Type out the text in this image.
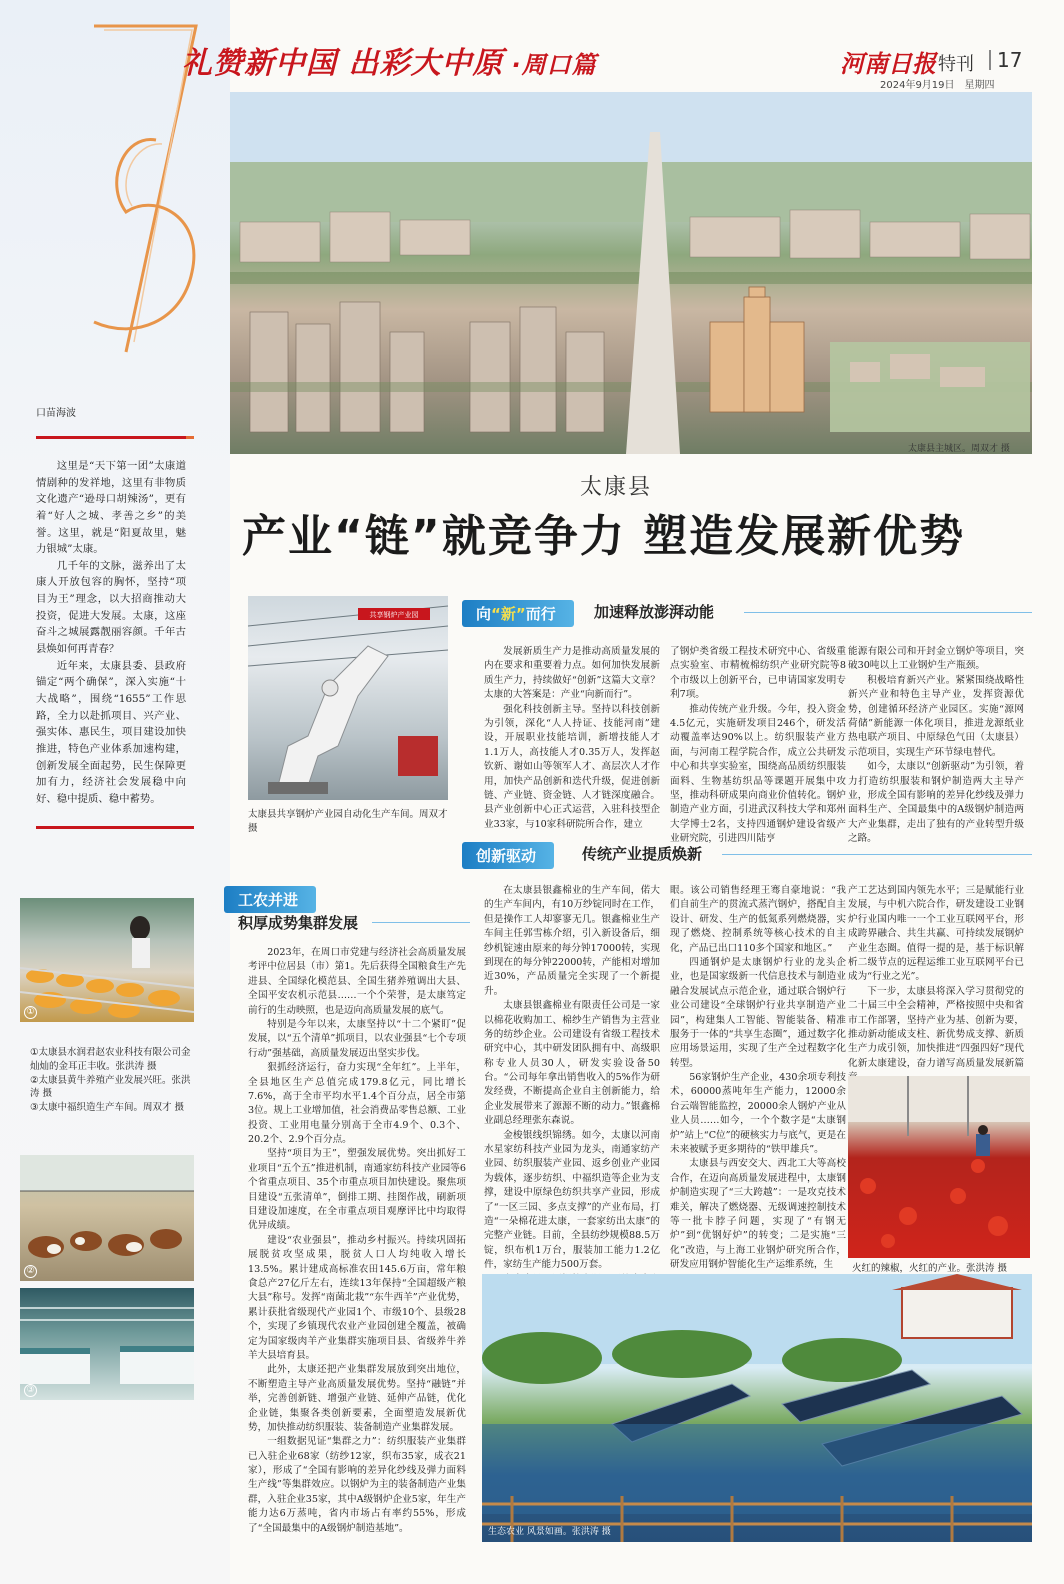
礼赞新中国 出彩大中原 ·周口篇	河南日报 特刊 17
2024年9月19日　星期四
太康县主城区。周双才 摄
太康县
产业“链”就竞争力 塑造发展新优势
口苗海波

这里是“天下第一团”太康道情剧种的发祥地，这里有非物质文化遗产“逊母口胡辣汤”，更有着“好人之城、孝善之乡”的美誉。这里，就是“阳夏故里，魅力银城”太康。

几千年的文脉，滋养出了太康人开放包容的胸怀，坚持“项目为王”理念，以大招商推动大投资，促进大发展。太康，这座奋斗之城展露靓丽容颜。千年古县焕如何再青春？

近年来，太康县委、县政府锚定“两个确保”，深入实施“十大战略”，围绕“1655”工作思路，全力以赴抓项目、兴产业、强实体、惠民生，项目建设加快推进，特色产业体系加速构建，创新发展全面起势，民生保障更加有力，经济社会发展稳中向好、稳中提质、稳中蓄势。

①
①太康县水润君赵农业科技有限公司金灿灿的金耳正丰收。张洪涛 摄
②太康县黄牛养殖产业发展兴旺。张洪涛 摄
③太康中福织造生产车间。周双才 摄
②
③
共享钢炉产业园
太康县共享钢炉产业园自动化生产车间。周双才 摄
向“新”而行	加速释放澎湃动能

发展新质生产力是推动高质量发展的内在要求和重要着力点。如何加快发展新质生产力，持续做好“创新”这篇大文章？太康的大答案是：产业“向新而行”。

强化科技创新主导。坚持以科技创新为引领，深化“人人持证、技能河南”建设，开展职业技能培训，新增技能人才1.1万人，高技能人才0.35万人，发挥赵钦新、谢如山等领军人才、高层次人才作用，加快产品创新和迭代升级，促进创新链、产业链、资金链、人才链深度融合。县产业创新中心正式运营，入驻科技型企业33家，与10家科研院所合作，建立

了钢炉类省级工程技术研究中心、省级重点实验室、市精梳棉纺织产业研究院等8个市级以上创新平台，已申请国家发明专利7项。

推动传统产业升级。今年，投入资金4.5亿元，实施研发项目246个，研发活动覆盖率达90%以上。纺织服装产业方面，与河南工程学院合作，成立公共研发中心和共享实验室，围绕高品质纺织服装面料、生物基纺织品等课题开展集中攻坚，推动科研成果向商业价值转化。钢炉制造产业方面，引进武汉科技大学和郑州大学博士2名，支持四通钢炉建设省级产业研究院，引进四川陆亨

能源有限公司和开封金立钢炉等项目，突破30吨以上工业钢炉生产瓶颈。

积极培育新兴产业。紧紧围绕战略性新兴产业和特色主导产业，发挥资源优势，创建循环经济产业园区。实施“源网荷储”新能源一体化项目，推进龙源纸业热电联产项目、中原绿色气田（太康县）示范项目，实现生产环节绿电替代。

如今，太康以“创新驱动”为引领，着力打造纺织服装和钢炉制造两大主导产业，形成全国有影响的差异化纱线及弹力面料生产、全国最集中的A级钢炉制造两大产业集群，走出了独有的产业转型升级之路。

创新驱动	传统产业提质焕新

在太康县银鑫棉业的生产车间，偌大的生产车间内，有10万纱锭同时在工作，但是操作工人却寥寥无几。银鑫棉业生产车间主任郭雪栋介绍，引入新设备后，细纱机锭速由原来的每分钟17000转，实现到现在的每分钟22000转，产能相对增加近30%，产品质量完全实现了一个新提升。

太康县银鑫棉业有限责任公司是一家以棉花收购加工、棉纱生产销售为主营业务的纺纱企业。公司建设有省级工程技术研究中心，其中研发团队拥有中、高级职称专业人员30人，研发实验设备50台。“公司每年拿出销售收入的5%作为研发经费，不断提高企业自主创新能力，给企业发展带来了源源不断的动力。”银鑫棉业副总经理张东森说。

金梭银线织锦绣。如今，太康以河南水星家纺科技产业园为龙头，南通家纺产业园、纺织服装产业园、返乡创业产业园为载体，逐步纺织、中福织造等企业为支撑，建设中原绿色纺织共享产业园，形成了“一区三园、多点支撑”的产业布局，打造“一朵棉花进太康，一套家纺出太康”的完整产业链。目前，全县纺纱规模88.5万锭，织布机1万台，服装加工能力1.2亿件，家纺生产能力500万套。

眼。该公司销售经理王骞自豪地说：“我们自前生产的贯流式蒸汽钢炉，搭配自主设计、研发、生产的低氮系列燃烧器，实现了燃烧、控制系统等核心技术的自主化，产品已出口110多个国家和地区。”

四通钢炉是太康钢炉行业的龙头企业，也是国家级新一代信息技术与制造业融合发展试点示范企业，通过联合钢炉行业公司建设“全球钢炉行业共享制造产业园”，构建集人工智能、智能装备、精准服务于一体的“共享生态圈”，通过数字化应用场景运用，实现了生产全过程数字化转型。

56家钢炉生产企业，430余项专利技术，60000蒸吨年生产能力，12000余台云端智能监控，20000余人钢炉产业从业人员……如今，一个个数字是“太康钢炉”站上“C位”的硬核实力与底气，更是在未来被赋予更多期待的“铁甲雄兵”。

太康县与西安交大、西北工大等高校合作，在迈向高质量发展进程中，太康钢炉制造实现了“三大跨越”：一是攻克技术难关，解决了燃烧器、无级调速控制技术等一批卡脖子问题，实现了“有钢无炉”到“优钢好炉”的转变；二是实施“三化”改造，与上海工业钢炉研究所合作，研发应用钢炉智能化生产运维系统，生

产工艺达到国内领先水平；三是赋能行业发展，与中机六院合作，研发建设工业钢炉行业国内唯一一个工业互联网平台，形成跨界融合、共生共赢、可持续发展钢炉产业生态圈。值得一提的是，基于标识解析二级节点的远程运维工业互联网平台已成为“行业之光”。

下一步，太康县将深入学习贯彻党的二十届三中全会精神，严格按照中央和省市工作部署，坚持产业为基、创新为要，推动新动能成支柱、新优势成支撑、新质生产力成引领，加快推进“四强四好”现代化新太康建设，奋力谱写高质量发展新篇

火红的辣椒，火红的产业。张洪涛 摄
工农并进
积厚成势集群发展

2023年，在周口市党建与经济社会高质量发展考评中位居县（市）第1。先后获得全国粮食生产先进县、全国绿化模范县、全国生猪养殖调出大县、全国平安农机示范县……一个个荣誉，是太康笃定前行的生动映照，也是迈向高质量发展的底气。

特别是今年以来，太康坚持以“十二个紧盯”促发展，以“五个清单”抓项目，以农业强县“七个专项行动”强基础，高质量发展迈出坚实步伐。

狠抓经济运行，奋力实现“全年红”。上半年，全县地区生产总值完成179.8亿元，同比增长7.6%，高于全市平均水平1.4个百分点，居全市第3位。规上工业增加值，社会消费品零售总额、工业投资、工业用电量分别高于全市4.9个、0.3个、20.2个、2.9个百分点。

坚持“项目为王”，塑强发展优势。突出抓好工业项目“五个五”推进机制，南通家纺科技产业园等6个省重点项目、35个市重点项目加快建设。聚焦项目建设“五张清单”，倒排工期、挂图作战，刷新项目建设加速度，在全市重点项目观摩评比中均取得优异成绩。

建设“农业强县”，推动乡村振兴。持续巩固拓展脱贫攻坚成果，脱贫人口人均纯收入增长13.5%。累计建成高标准农田145.6万亩，常年粮食总产27亿斤左右，连续13年保持“全国超级产粮大县”称号。发挥“南菌北栽”“东牛西羊”产业优势，累计获批省级现代产业园1个、市级10个、县级28个，实现了乡镇现代农业产业园创建全覆盖，被确定为国家级肉羊产业集群实施项目县、省级养牛养羊大县培育县。

此外，太康还把产业集群发展放到突出地位，不断塑造主导产业高质量发展优势。坚持“融链”并举，完善创新链、增强产业链、延伸产品链，优化企业链，集聚各类创新要素，全面塑造发展新优势，加快推动纺织服装、装备制造产业集群发展。

一组数据见证“集群之力”：纺织服装产业集群已入驻企业68家（纺纱12家，织布35家，成衣21家），形成了“全国有影响的差异化纱线及弹力面料生产线”等集群效应。以钢炉为主的装备制造产业集群，入驻企业35家，其中A级钢炉企业5家，年生产能力达6万蒸吨，省内市场占有率约55%，形成了“全国最集中的A级钢炉制造基地”。	生态农业 风景如画。张洪涛 摄
